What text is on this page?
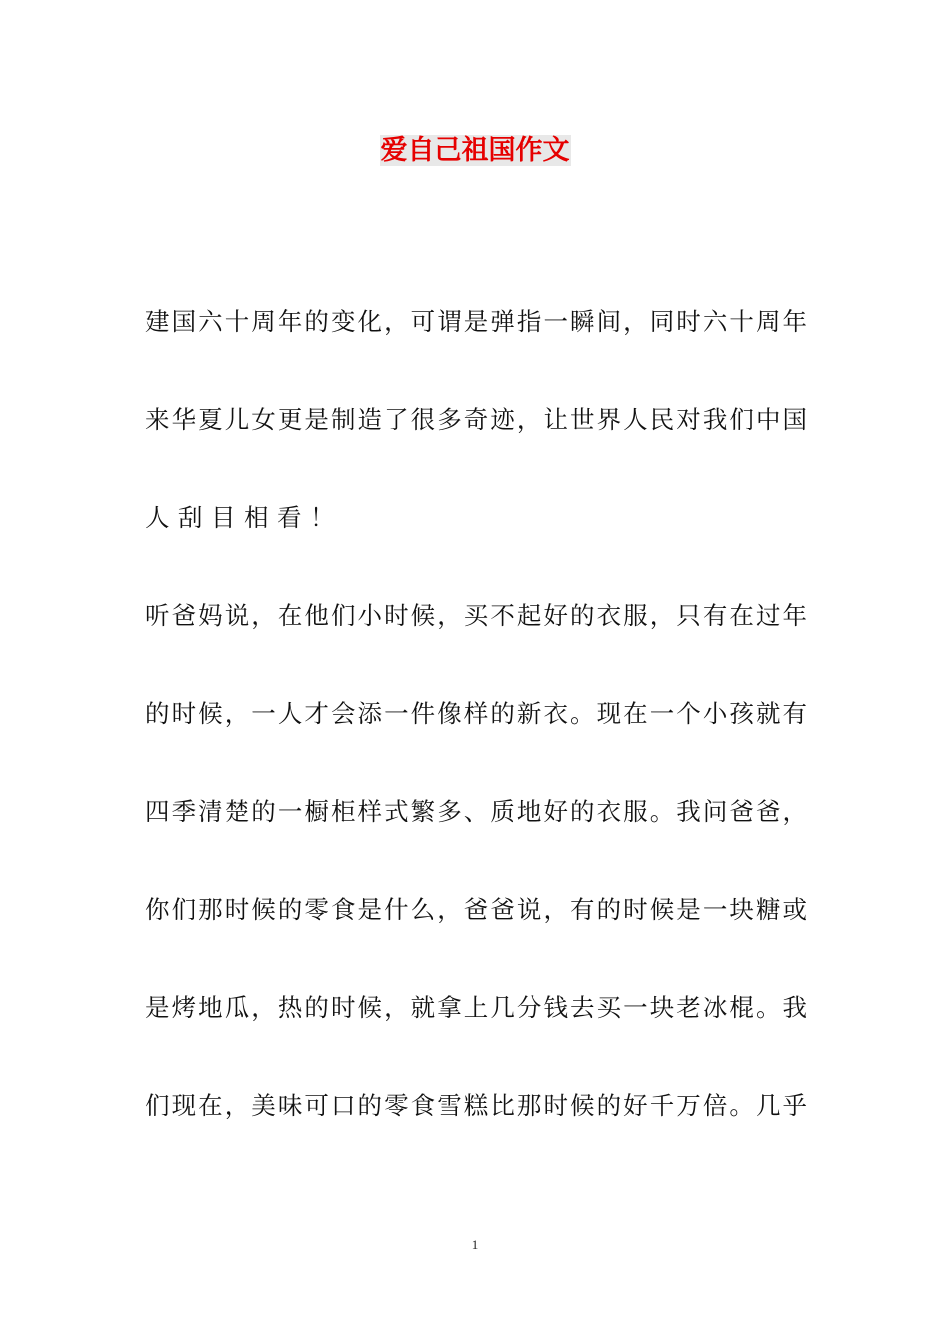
爱自己祖国作文
建 国 六 十 周 年 的 变 化 ， 可 谓 是 弹 指 一 瞬 间 ， 同 时 六 十 周 年
来 华 夏 儿 女 更 是 制 造 了 很 多 奇 迹 ， 让 世 界 人 民 对 我 们 中 国
人 刮 目 相 看 ！
听 爸 妈 说 ， 在 他 们 小 时 候 ， 买 不 起 好 的 衣 服 ， 只 有 在 过 年
的 时 候 ， 一 人 才 会 添 一 件 像 样 的 新 衣 。 现 在 一 个 小 孩 就 有
四 季 清 楚 的 一 橱 柜 样 式 繁 多 、 质 地 好 的 衣 服 。 我 问 爸 爸 ，
你 们 那 时 候 的 零 食 是 什 么 ， 爸 爸 说 ， 有 的 时 候 是 一 块 糖 或
是 烤 地 瓜 ， 热 的 时 候 ， 就 拿 上 几 分 钱 去 买 一 块 老 冰 棍 。 我
们 现 在 ， 美 味 可 口 的 零 食 雪 糕 比 那 时 候 的 好 千 万 倍 。 几 乎
1
